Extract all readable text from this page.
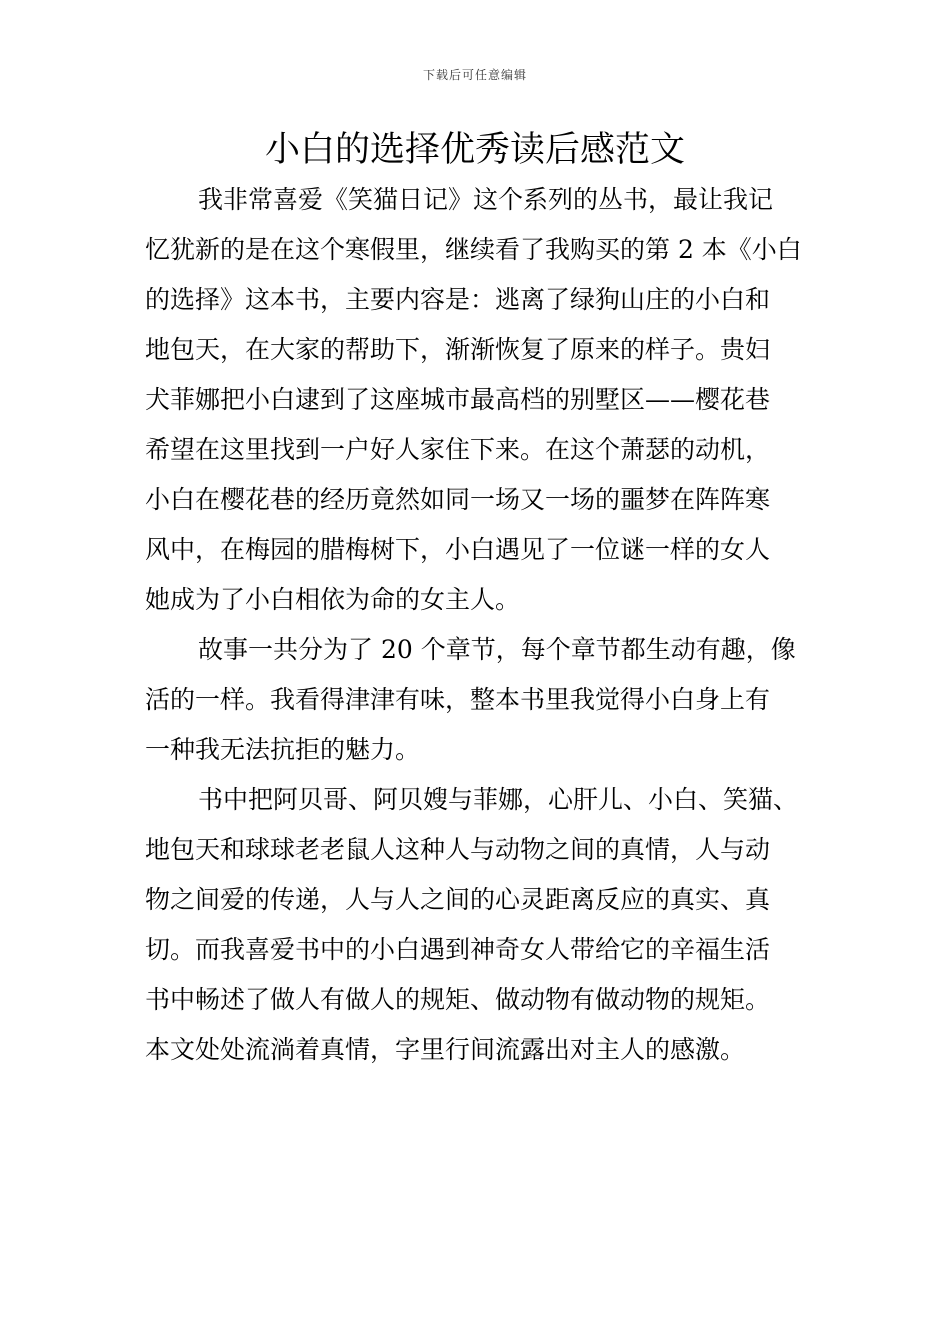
下载后可任意编辑
小白的选择优秀读后感范文
我非常喜爱《笑猫日记》这个系列的丛书，最让我记
忆犹新的是在这个寒假里，继续看了我购买的第 2 本《小白
的选择》这本书，主要内容是：逃离了绿狗山庄的小白和
地包天，在大家的帮助下，渐渐恢复了原来的样子。贵妇
犬菲娜把小白逮到了这座城市最高档的别墅区——樱花巷
希望在这里找到一户好人家住下来。在这个萧瑟的动机，
小白在樱花巷的经历竟然如同一场又一场的噩梦在阵阵寒
风中，在梅园的腊梅树下，小白遇见了一位谜一样的女人
她成为了小白相依为命的女主人。
故事一共分为了 20 个章节，每个章节都生动有趣，像
活的一样。我看得津津有味，整本书里我觉得小白身上有
一种我无法抗拒的魅力。
书中把阿贝哥、阿贝嫂与菲娜，心肝儿、小白、笑猫、
地包天和球球老老鼠人这种人与动物之间的真情，人与动
物之间爱的传递，人与人之间的心灵距离反应的真实、真
切。而我喜爱书中的小白遇到神奇女人带给它的辛福生活
书中畅述了做人有做人的规矩、做动物有做动物的规矩。
本文处处流淌着真情，字里行间流露出对主人的感激。
